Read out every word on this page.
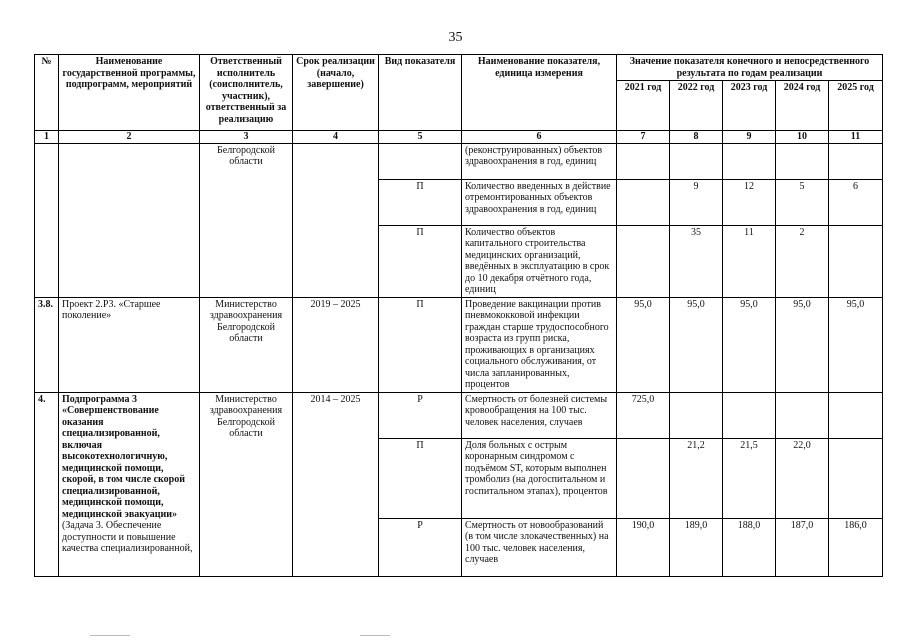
35
№	Наименование государственной программы, подпрограмм, мероприятий	Ответственный исполнитель (соисполнитель, участник), ответственный за реализацию	Срок реализации (начало, завершение)	Вид показателя	Наименование показателя, единица измерения	Значение показателя конечного и непосредственного результата по годам реализации				
						2021 год	2022 год	2023 год	2024 год	2025 год
1	2	3	4	5	6	7	8	9	10	11
		Белгородской области			(реконструированных) объектов здравоохранения в год, единиц					
				П	Количество введенных в действие отремонтированных объектов здравоохранения в год, единиц		9	12	5	6
				П	Количество объектов капитального строительства медицинских организаций, введённых в эксплуатацию в срок до 10 декабря отчётного года, единиц		35	11	2	
3.8.	Проект 2.Р3. «Старшее поколение»	Министерство здравоохранения Белгородской области	2019 – 2025	П	Проведение вакцинации против пневмококковой инфекции граждан старше трудоспособного возраста из групп риска, проживающих в организациях социального обслуживания, от числа запланированных, процентов	95,0	95,0	95,0	95,0	95,0
4.	Подпрограмма 3 «Совершенствование оказания специализированной, включая высокотехнологичную, медицинской помощи, скорой, в том числе скорой специализированной, медицинской помощи, медицинской эвакуации» (Задача 3. Обеспечение доступности и повышение качества специализированной,	Министерство здравоохранения Белгородской области	2014 – 2025	Р	Смертность от болезней системы кровообращения на 100 тыс. человек населения, случаев	725,0				
				П	Доля больных с острым коронарным синдромом с подъёмом ST, которым выполнен тромболиз (на догоспитальном и госпитальном этапах), процентов		21,2	21,5	22,0	
				Р	Смертность от новообразований (в том числе злокачественных) на 100 тыс. человек населения, случаев	190,0	189,0	188,0	187,0	186,0
